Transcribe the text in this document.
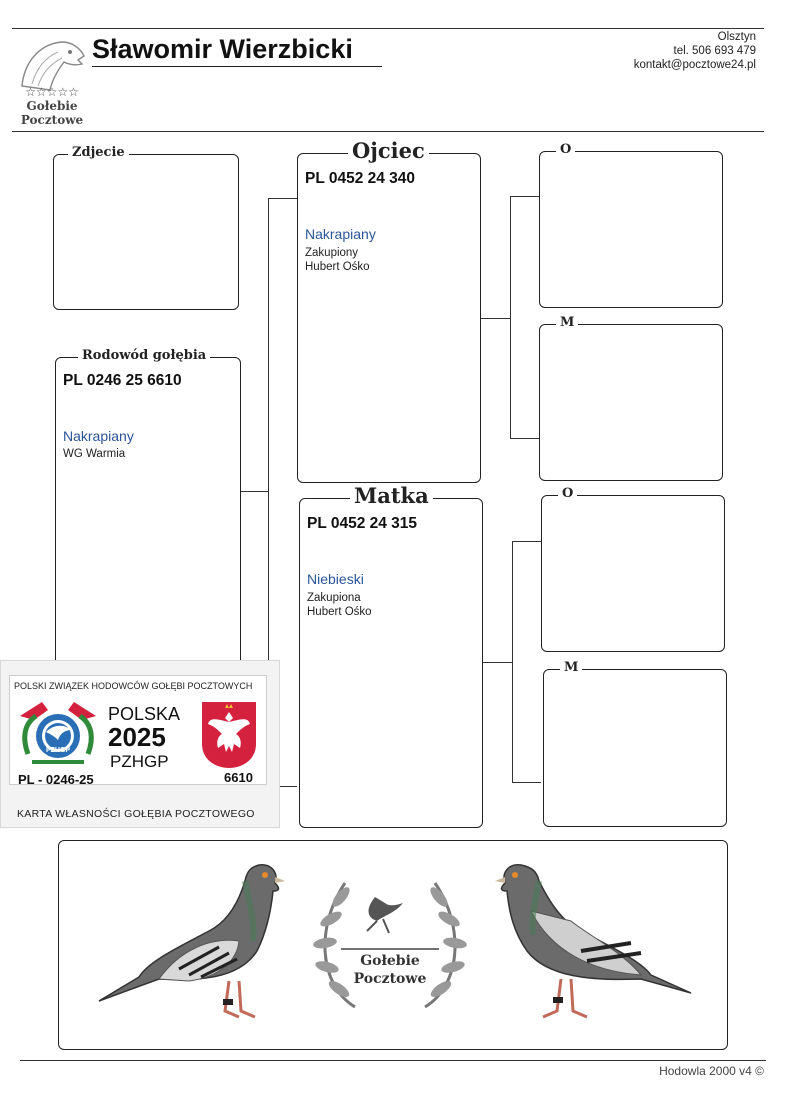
☆☆☆☆☆
Gołebie
Pocztowe
Sławomir Wierzbicki	Olsztyn
tel. 506 693 479
kontakt@pocztowe24.pl
Zdjecie
Rodowód gołębia
PL 0246 25 6610
Nakrapiany
WG Warmia
Ojciec
PL 0452 24 340
Nakrapiany
Zakupiony
Hubert Ośko
Matka
PL 0452 24 315
Niebieski
Zakupiona
Hubert Ośko
O
M
O
M
POLSKI ZWIĄZEK HODOWCÓW GOŁĘBI POCZTOWYCH
PZHGP
POLSKA
2025
PZHGP
PL - 0246-25	6610
KARTA WŁASNOŚCI GOŁĘBIA POCZTOWEGO
Gołebie
Pocztowe
Hodowla 2000 v4 ©
